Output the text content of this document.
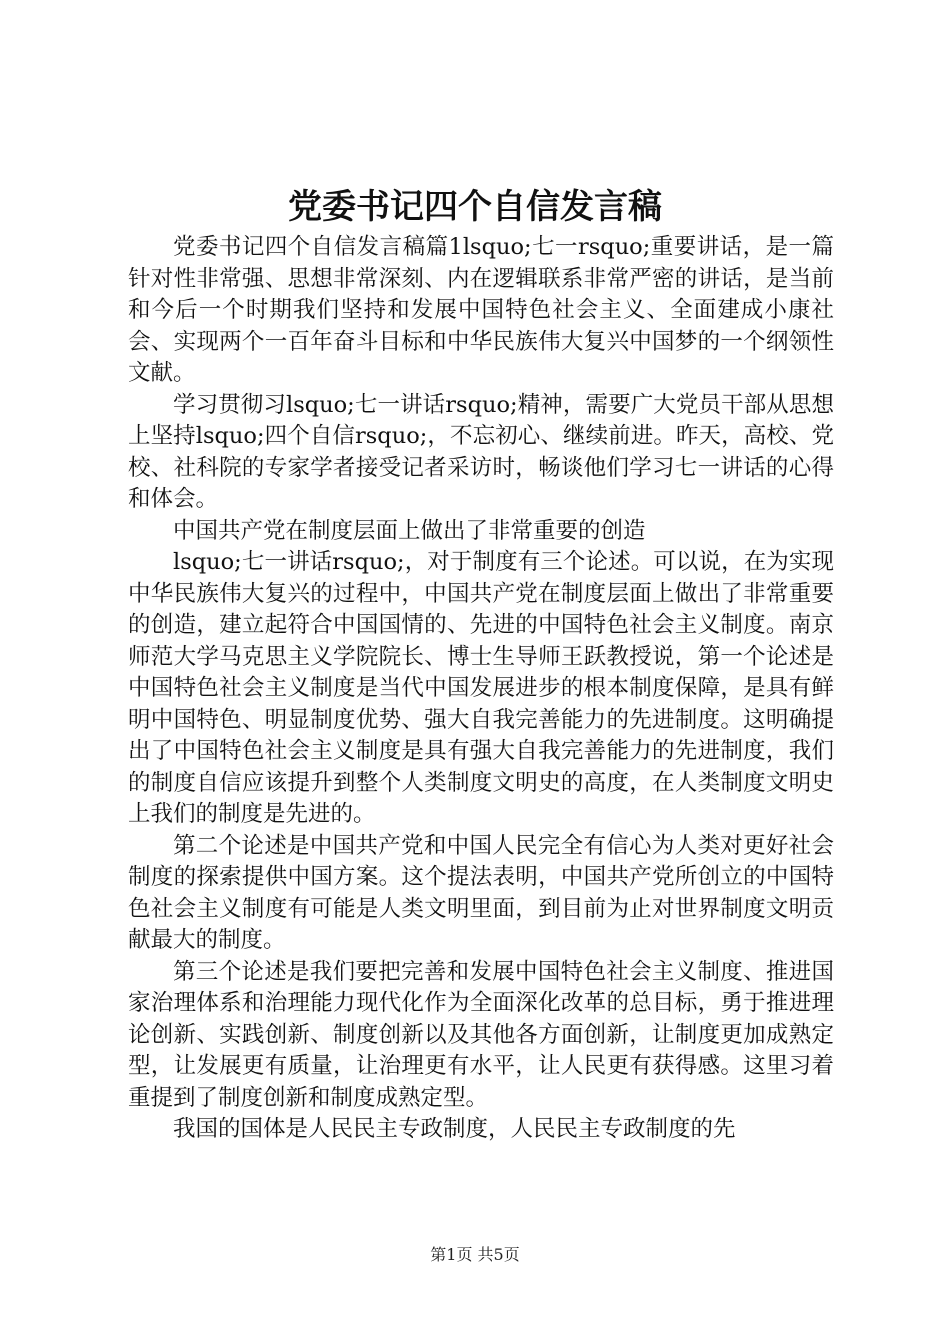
党委书记四个自信发言稿

党委书记四个自信发言稿篇1lsquo;七一rsquo;重要讲话，是一篇针对性非常强、思想非常深刻、内在逻辑联系非常严密的讲话，是当前和今后一个时期我们坚持和发展中国特色社会主义、全面建成小康社会、实现两个一百年奋斗目标和中华民族伟大复兴中国梦的一个纲领性文献。

学习贯彻习lsquo;七一讲话rsquo;精神，需要广大党员干部从思想上坚持lsquo;四个自信rsquo;，不忘初心、继续前进。昨天，高校、党校、社科院的专家学者接受记者采访时，畅谈他们学习七一讲话的心得和体会。

中国共产党在制度层面上做出了非常重要的创造

lsquo;七一讲话rsquo;，对于制度有三个论述。可以说，在为实现中华民族伟大复兴的过程中，中国共产党在制度层面上做出了非常重要的创造，建立起符合中国国情的、先进的中国特色社会主义制度。南京师范大学马克思主义学院院长、博士生导师王跃教授说，第一个论述是中国特色社会主义制度是当代中国发展进步的根本制度保障，是具有鲜明中国特色、明显制度优势、强大自我完善能力的先进制度。这明确提出了中国特色社会主义制度是具有强大自我完善能力的先进制度，我们的制度自信应该提升到整个人类制度文明史的高度，在人类制度文明史上我们的制度是先进的。

第二个论述是中国共产党和中国人民完全有信心为人类对更好社会制度的探索提供中国方案。这个提法表明，中国共产党所创立的中国特色社会主义制度有可能是人类文明里面，到目前为止对世界制度文明贡献最大的制度。

第三个论述是我们要把完善和发展中国特色社会主义制度、推进国家治理体系和治理能力现代化作为全面深化改革的总目标，勇于推进理论创新、实践创新、制度创新以及其他各方面创新，让制度更加成熟定型，让发展更有质量，让治理更有水平，让人民更有获得感。这里习着重提到了制度创新和制度成熟定型。

我国的国体是人民民主专政制度，人民民主专政制度的先

第1页 共5页
